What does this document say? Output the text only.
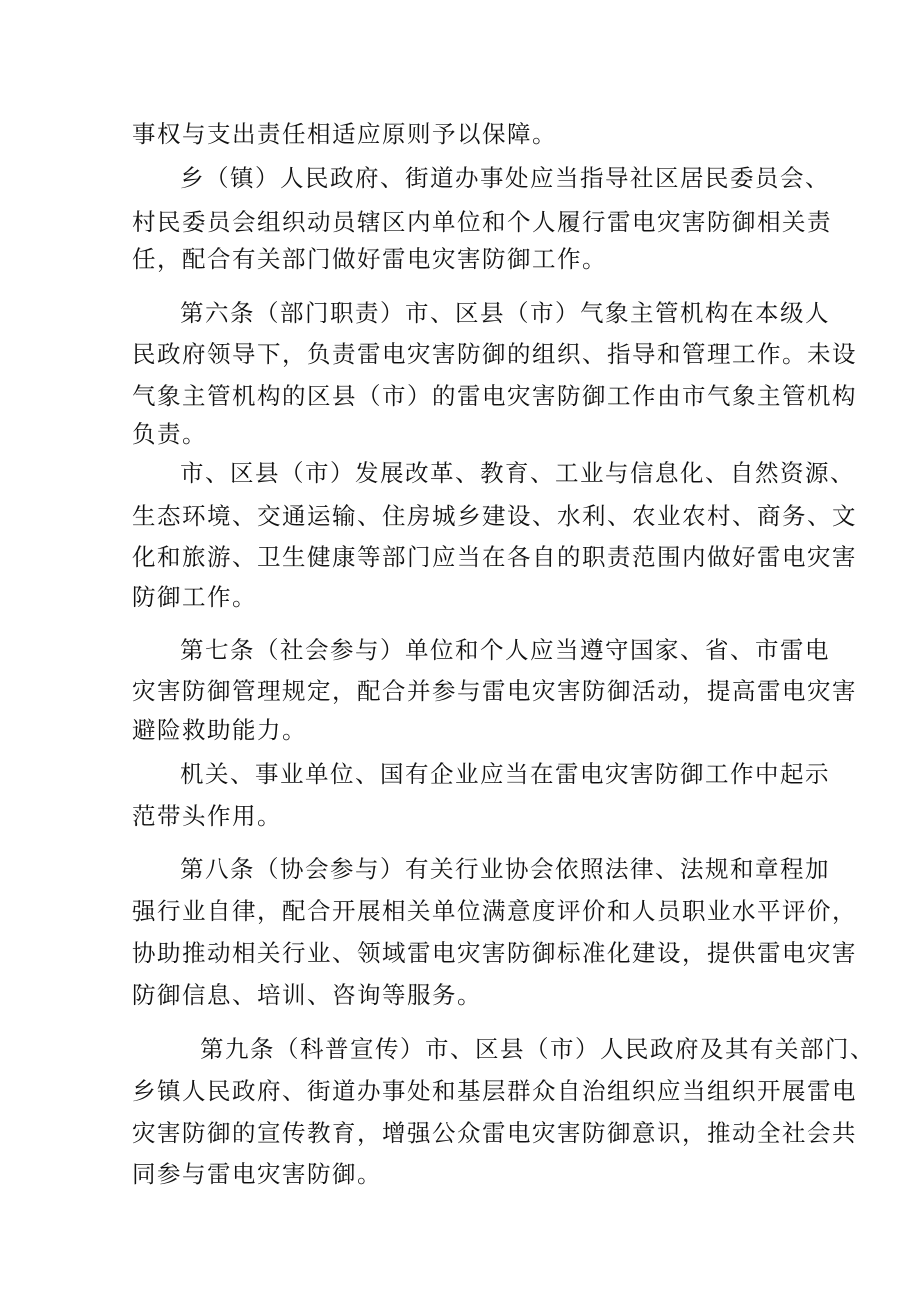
事权与支出责任相适应原则予以保障。
乡（镇）人民政府、街道办事处应当指导社区居民委员会、
村民委员会组织动员辖区内单位和个人履行雷电灾害防御相关责
任，配合有关部门做好雷电灾害防御工作。
第六条（部门职责）市、区县（市）气象主管机构在本级人
民政府领导下，负责雷电灾害防御的组织、指导和管理工作。未设
气象主管机构的区县（市）的雷电灾害防御工作由市气象主管机构
负责。
市、区县（市）发展改革、教育、工业与信息化、自然资源、
生态环境、交通运输、住房城乡建设、水利、农业农村、商务、文
化和旅游、卫生健康等部门应当在各自的职责范围内做好雷电灾害
防御工作。
第七条（社会参与）单位和个人应当遵守国家、省、市雷电
灾害防御管理规定，配合并参与雷电灾害防御活动，提高雷电灾害
避险救助能力。
机关、事业单位、国有企业应当在雷电灾害防御工作中起示
范带头作用。
第八条（协会参与）有关行业协会依照法律、法规和章程加
强行业自律，配合开展相关单位满意度评价和人员职业水平评价，
协助推动相关行业、领域雷电灾害防御标准化建设，提供雷电灾害
防御信息、培训、咨询等服务。
第九条（科普宣传）市、区县（市）人民政府及其有关部门、
乡镇人民政府、街道办事处和基层群众自治组织应当组织开展雷电
灾害防御的宣传教育，增强公众雷电灾害防御意识，推动全社会共
同参与雷电灾害防御。
